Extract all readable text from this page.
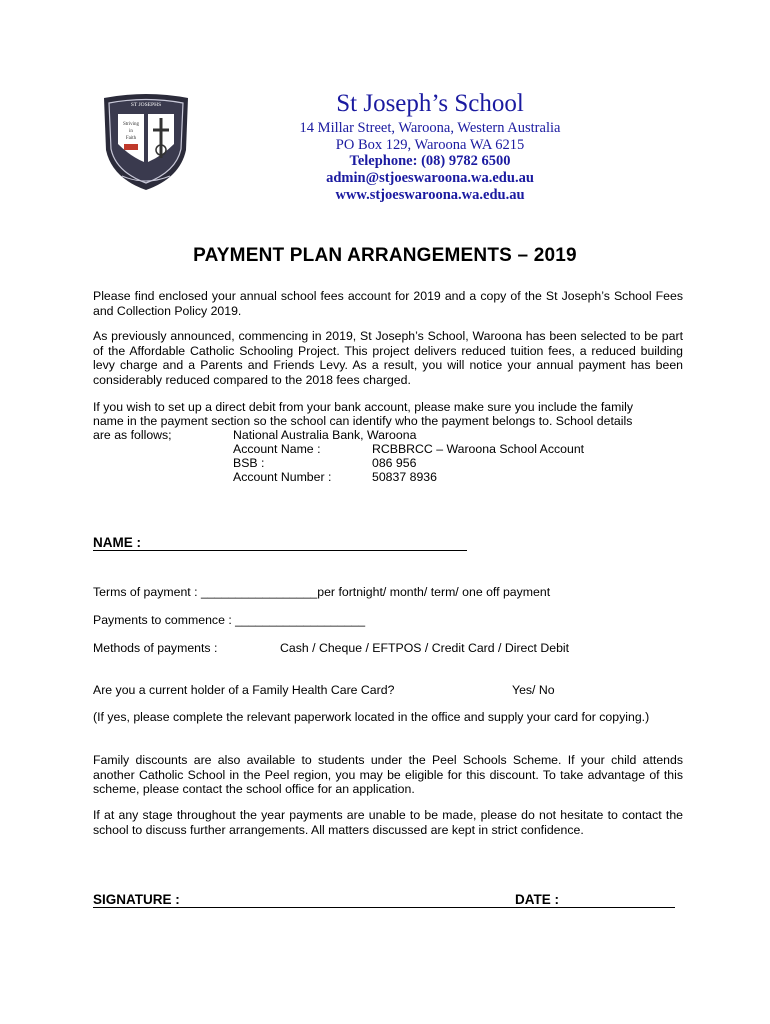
ST JOSEPHS
Striving
in
Faith
St Joseph’s School
14 Millar Street, Waroona, Western Australia
PO Box 129, Waroona WA 6215
Telephone: (08) 9782 6500
admin@stjoeswaroona.wa.edu.au
www.stjoeswaroona.wa.edu.au
PAYMENT PLAN ARRANGEMENTS – 2019
Please find enclosed your annual school fees account for 2019 and a copy of the St Joseph’s School Fees and Collection Policy 2019.
As previously announced, commencing in 2019, St Joseph’s School, Waroona has been selected to be part of the Affordable Catholic Schooling Project. This project delivers reduced tuition fees, a reduced building levy charge and a Parents and Friends Levy. As a result, you will notice your annual payment has been considerably reduced compared to the 2018 fees charged.
If you wish to set up a direct debit from your bank account, please make sure you include the family
name in the payment section so the school can identify who the payment belongs to. School details
are as follows;	National Australia Bank, Waroona
Account Name :	RCBBRCC – Waroona School Account
BSB :	086 956
Account Number :	50837 8936
NAME :
Terms of payment : _________________per fortnight/ month/ term/ one off payment
Payments to commence : ___________________
Methods of payments :	Cash / Cheque / EFTPOS / Credit Card / Direct Debit
Are you a current holder of a Family Health Care Card?	Yes/ No
(If yes, please complete the relevant paperwork located in the office and supply your card for copying.)
Family discounts are also available to students under the Peel Schools Scheme. If your child attends another Catholic School in the Peel region, you may be eligible for this discount. To take advantage of this scheme, please contact the school office for an application.
If at any stage throughout the year payments are unable to be made, please do not hesitate to contact the school to discuss further arrangements. All matters discussed are kept in strict confidence.
SIGNATURE :	DATE :
